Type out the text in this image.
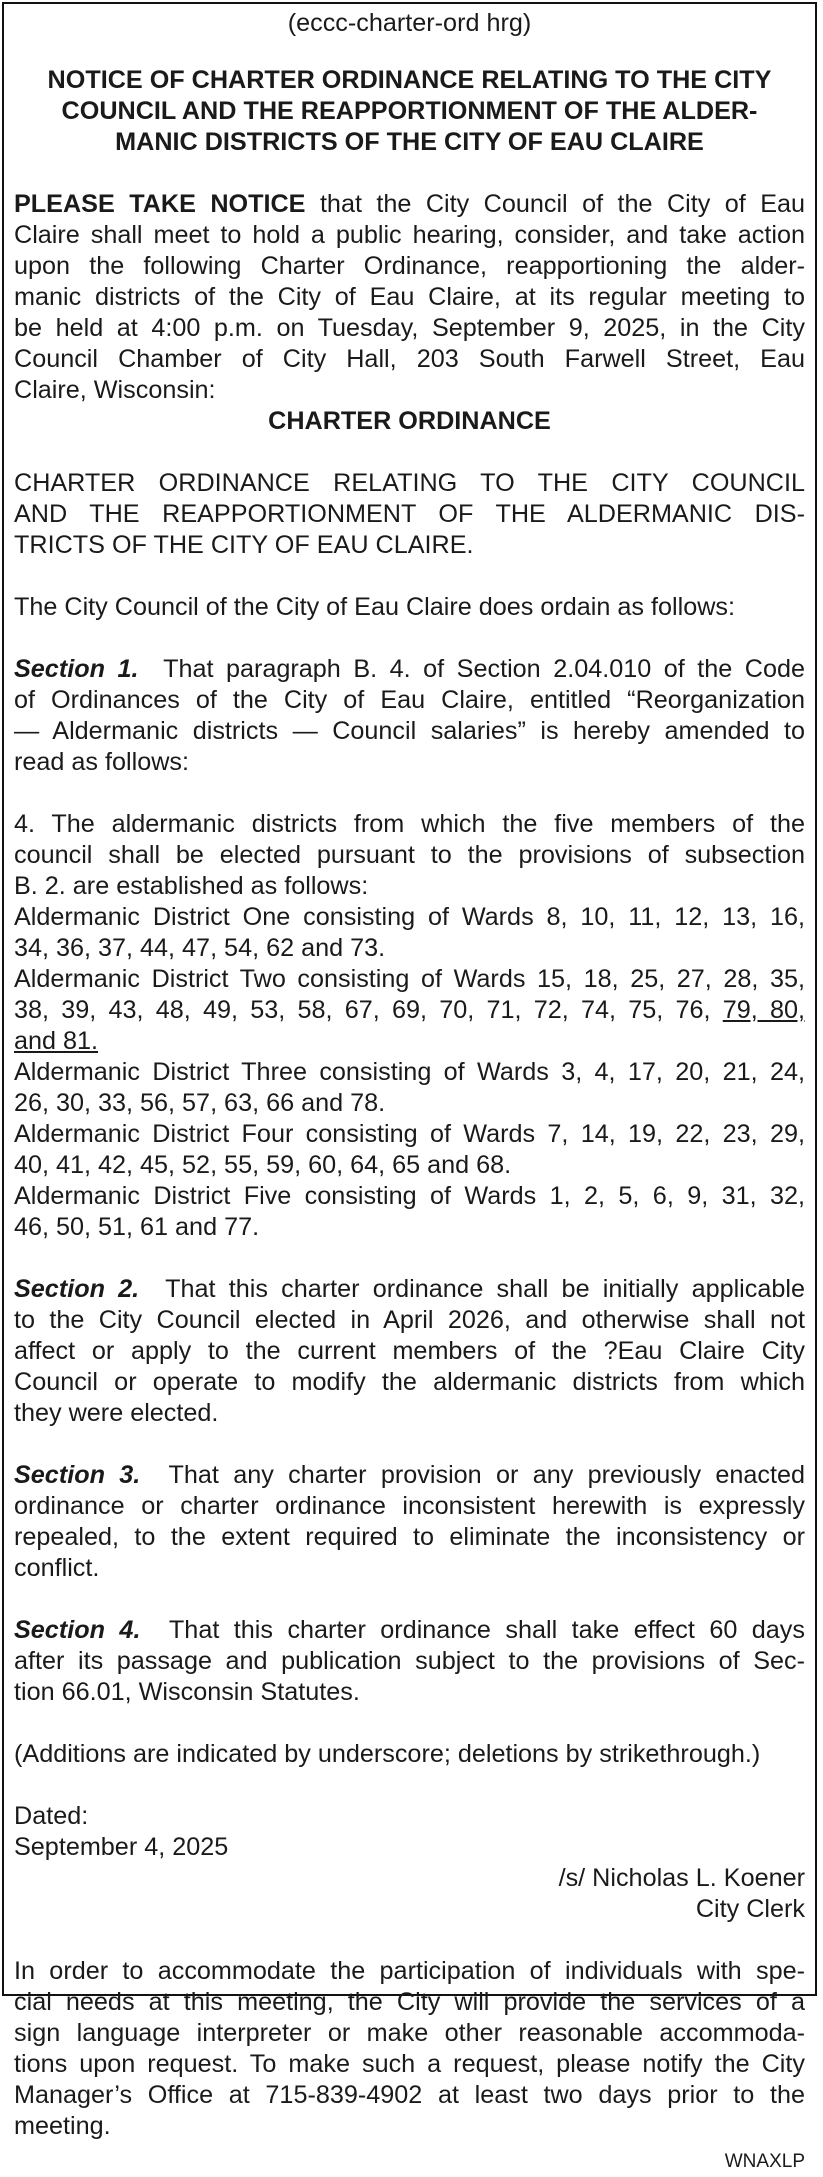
(eccc-charter-ord hrg)
NOTICE OF CHARTER ORDINANCE RELATING TO THE CITY
COUNCIL AND THE REAPPORTIONMENT OF THE ALDER-
MANIC DISTRICTS OF THE CITY OF EAU CLAIRE
PLEASE TAKE NOTICE that the City Council of the City of Eau
Claire shall meet to hold a public hearing, consider, and take action
upon the following Charter Ordinance, reapportioning the alder-
manic districts of the City of Eau Claire, at its regular meeting to
be held at 4:00 p.m. on Tuesday, September 9, 2025, in the City
Council Chamber of City Hall, 203 South Farwell Street, Eau
Claire, Wisconsin:
CHARTER ORDINANCE
CHARTER ORDINANCE RELATING TO THE CITY COUNCIL
AND THE REAPPORTIONMENT OF THE ALDERMANIC DIS-
TRICTS OF THE CITY OF EAU CLAIRE.
The City Council of the City of Eau Claire does ordain as follows:
Section 1. That paragraph B. 4. of Section 2.04.010 of the Code
of Ordinances of the City of Eau Claire, entitled “Reorganization
— Aldermanic districts — Council salaries” is hereby amended to
read as follows:
4. The aldermanic districts from which the five members of the
council shall be elected pursuant to the provisions of subsection
B. 2. are established as follows:
Aldermanic District One consisting of Wards 8, 10, 11, 12, 13, 16,
34, 36, 37, 44, 47, 54, 62 and 73.
Aldermanic District Two consisting of Wards 15, 18, 25, 27, 28, 35,
38, 39, 43, 48, 49, 53, 58, 67, 69, 70, 71, 72, 74, 75, 76, 79, 80,
and 81.
Aldermanic District Three consisting of Wards 3, 4, 17, 20, 21, 24,
26, 30, 33, 56, 57, 63, 66 and 78.
Aldermanic District Four consisting of Wards 7, 14, 19, 22, 23, 29,
40, 41, 42, 45, 52, 55, 59, 60, 64, 65 and 68.
Aldermanic District Five consisting of Wards 1, 2, 5, 6, 9, 31, 32,
46, 50, 51, 61 and 77.
Section 2. That this charter ordinance shall be initially applicable
to the City Council elected in April 2026, and otherwise shall not
affect or apply to the current members of the ?Eau Claire City
Council or operate to modify the aldermanic districts from which
they were elected.
Section 3. That any charter provision or any previously enacted
ordinance or charter ordinance inconsistent herewith is expressly
repealed, to the extent required to eliminate the inconsistency or
conflict.
Section 4. That this charter ordinance shall take effect 60 days
after its passage and publication subject to the provisions of Sec-
tion 66.01, Wisconsin Statutes.
(Additions are indicated by underscore; deletions by strikethrough.)
Dated:
September 4, 2025
/s/ Nicholas L. Koener
City Clerk
In order to accommodate the participation of individuals with spe-
cial needs at this meeting, the City will provide the services of a
sign language interpreter or make other reasonable accommoda-
tions upon request. To make such a request, please notify the City
Manager’s Office at 715-839-4902 at least two days prior to the
meeting.
WNAXLP
